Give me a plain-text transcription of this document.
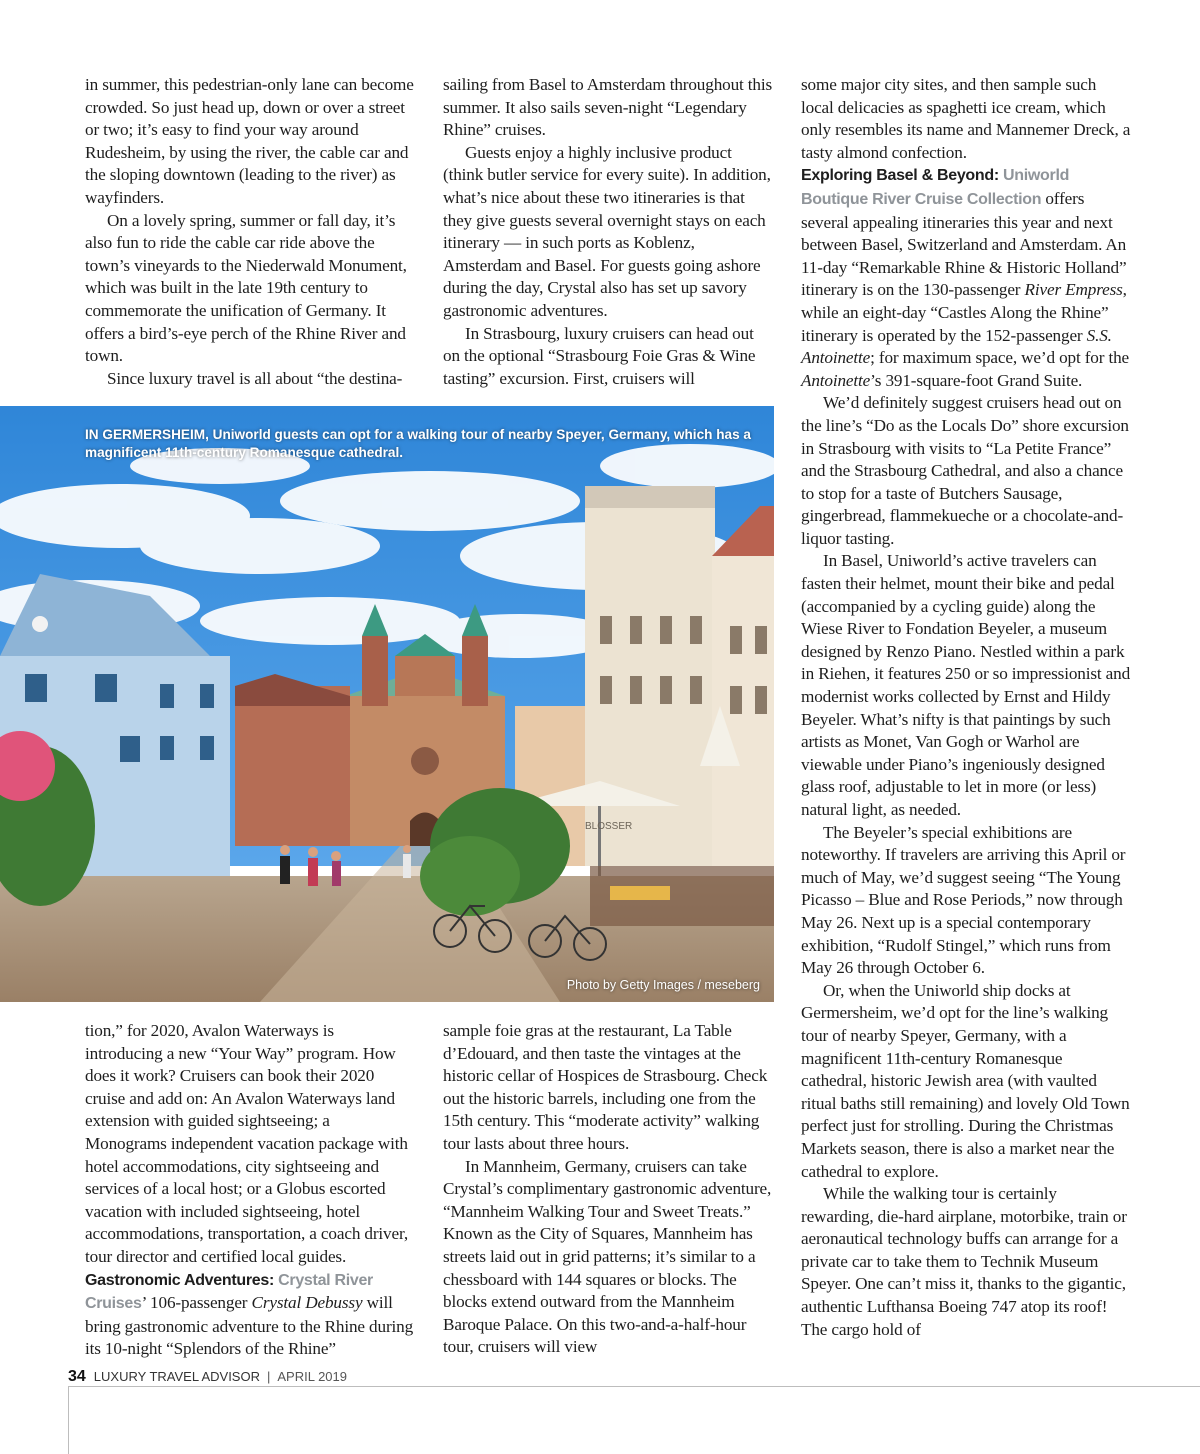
in summer, this pedestrian-only lane can become crowded. So just head up, down or over a street or two; it’s easy to find your way around Rudesheim, by using the river, the cable car and the sloping downtown (leading to the river) as wayfinders.

On a lovely spring, summer or fall day, it’s also fun to ride the cable car ride above the town’s vineyards to the Niederwald Monument, which was built in the late 19th century to commemorate the unification of Germany. It offers a bird’s-eye perch of the Rhine River and town.

Since luxury travel is all about “the destina-

sailing from Basel to Amsterdam throughout this summer. It also sails seven-night “Legendary Rhine” cruises.

Guests enjoy a highly inclusive product (think butler service for every suite). In addition, what’s nice about these two itineraries is that they give guests several overnight stays on each itinerary — in such ports as Koblenz, Amsterdam and Basel. For guests going ashore during the day, Crystal also has set up savory gastronomic adventures.

In Strasbourg, luxury cruisers can head out on the optional “Strasbourg Foie Gras & Wine tasting” excursion. First, cruisers will

some major city sites, and then sample such local delicacies as spaghetti ice cream, which only resembles its name and Mannemer Dreck, a tasty almond confection.

Exploring Basel & Beyond: Uniworld Boutique River Cruise Collection offers several appealing itineraries this year and next between Basel, Switzerland and Amsterdam. An 11-day “Remarkable Rhine & Historic Holland” itinerary is on the 130-passenger River Empress, while an eight-day “Castles Along the Rhine” itinerary is operated by the 152-passenger S.S. Antoinette; for maximum space, we’d opt for the Antoinette’s 391-square-foot Grand Suite.

We’d definitely suggest cruisers head out on the line’s “Do as the Locals Do” shore excursion in Strasbourg with visits to “La Petite France” and the Strasbourg Cathedral, and also a chance to stop for a taste of Butchers Sausage, gingerbread, flammekueche or a chocolate-and-liquor tasting.

In Basel, Uniworld’s active travelers can fasten their helmet, mount their bike and pedal (accompanied by a cycling guide) along the Wiese River to Fondation Beyeler, a museum designed by Renzo Piano. Nestled within a park in Riehen, it features 250 or so impressionist and modernist works collected by Ernst and Hildy Beyeler. What’s nifty is that paintings by such artists as Monet, Van Gogh or Warhol are viewable under Piano’s ingeniously designed glass roof, adjustable to let in more (or less) natural light, as needed.

The Beyeler’s special exhibitions are noteworthy. If travelers are arriving this April or much of May, we’d suggest seeing “The Young Picasso – Blue and Rose Periods,” now through May 26. Next up is a special contemporary exhibition, “Rudolf Stingel,” which runs from May 26 through October 6.

Or, when the Uniworld ship docks at Germersheim, we’d opt for the line’s walking tour of nearby Speyer, Germany, with a magnificent 11th-century Romanesque cathedral, historic Jewish area (with vaulted ritual baths still remaining) and lovely Old Town perfect just for strolling. During the Christmas Markets season, there is also a market near the cathedral to explore.

While the walking tour is certainly rewarding, die-hard airplane, motorbike, train or aeronautical technology buffs can arrange for a private car to take them to Technik Museum Speyer. One can’t miss it, thanks to the gigantic, authentic Lufthansa Boeing 747 atop its roof! The cargo hold of

BLOSSER
IN GERMERSHEIM, Uniworld guests can opt for a walking tour of nearby Speyer, Germany, which has a magnificent 11th-century Romanesque cathedral.
Photo by Getty Images / meseberg

tion,” for 2020, Avalon Waterways is introducing a new “Your Way” program. How does it work? Cruisers can book their 2020 cruise and add on: An Avalon Waterways land extension with guided sightseeing; a Monograms independent vacation package with hotel accommodations, city sightseeing and services of a local host; or a Globus escorted vacation with included sightseeing, hotel accommodations, transportation, a coach driver, tour director and certified local guides.

Gastronomic Adventures: Crystal River Cruises’ 106-passenger Crystal Debussy will bring gastronomic adventure to the Rhine during its 10-night “Splendors of the Rhine”

sample foie gras at the restaurant, La Table d’Edouard, and then taste the vintages at the historic cellar of Hospices de Strasbourg. Check out the historic barrels, including one from the 15th century. This “moderate activity” walking tour lasts about three hours.

In Mannheim, Germany, cruisers can take Crystal’s complimentary gastronomic adventure, “Mannheim Walking Tour and Sweet Treats.” Known as the City of Squares, Mannheim has streets laid out in grid patterns; it’s similar to a chessboard with 144 squares or blocks. The blocks extend outward from the Mannheim Baroque Palace. On this two-and-a-half-hour tour, cruisers will view

34 LUXURY TRAVEL ADVISOR | APRIL 2019
